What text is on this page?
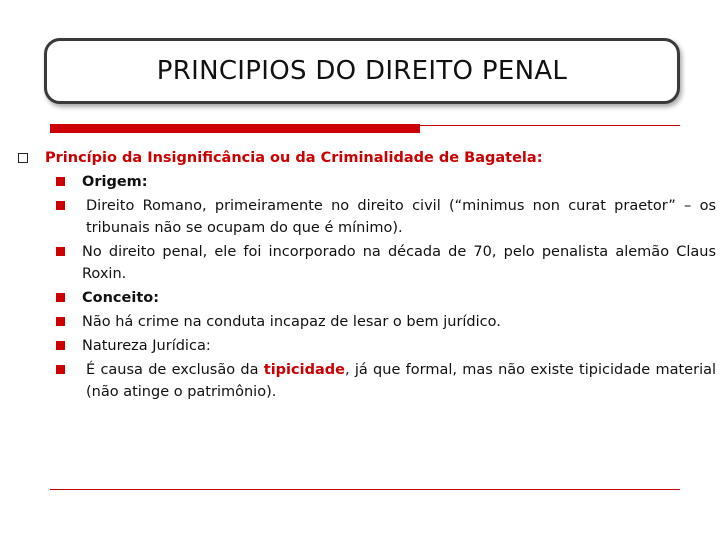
PRINCIPIOS DO DIREITO PENAL
Princípio da Insignificância ou da Criminalidade de Bagatela:
Origem:
Direito Romano, primeiramente no direito civil (“minimus non curat praetor” – os tribunais não se ocupam do que é mínimo).
No direito penal, ele foi incorporado na década de 70, pelo penalista alemão Claus Roxin.
Conceito:
Não há crime na conduta incapaz de lesar o bem jurídico.
Natureza Jurídica:
É causa de exclusão da tipicidade, já que formal, mas não existe tipicidade material (não atinge o patrimônio).
